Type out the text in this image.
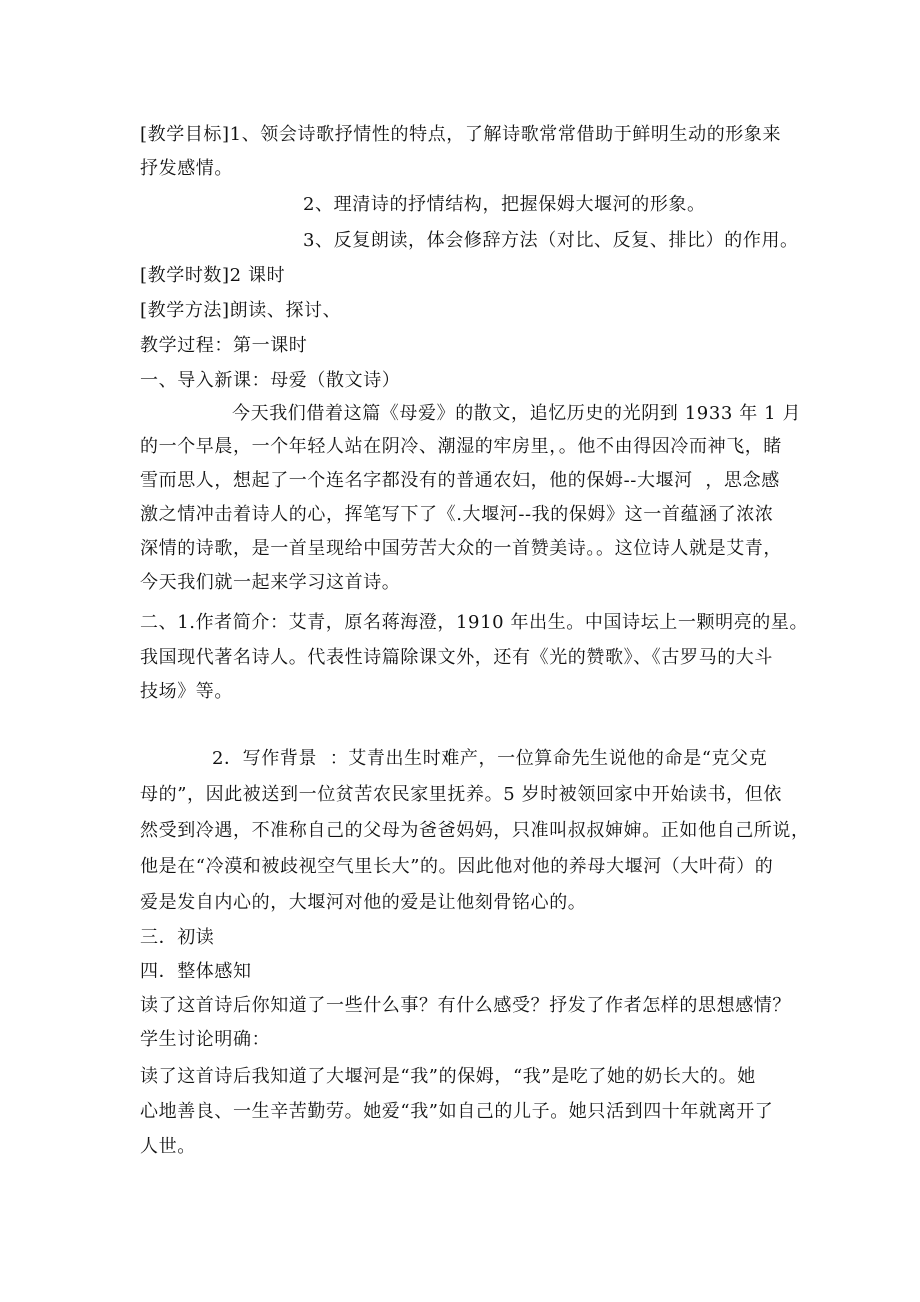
[教学目标]1、领会诗歌抒情性的特点，了解诗歌常常借助于鲜明生动的形象来
抒发感情。
2、理清诗的抒情结构，把握保姆大堰河的形象。
3、反复朗读，体会修辞方法（对比、反复、排比）的作用。
[教学时数]2 课时
[教学方法]朗读、探讨、
教学过程：第一课时
一、导入新课：母爱（散文诗）
今天我们借着这篇《母爱》的散文，追忆历史的光阴到 1933 年 1 月
的一个早晨，一个年轻人站在阴冷、潮湿的牢房里，。他不由得因冷而神飞，睹
雪而思人，想起了一个连名字都没有的普通农妇，他的保姆--大堰河  ，思念感
激之情冲击着诗人的心，挥笔写下了《.大堰河--我的保姆》这一首蕴涵了浓浓
深情的诗歌，是一首呈现给中国劳苦大众的一首赞美诗。。这位诗人就是艾青，
今天我们就一起来学习这首诗。
二、1.作者简介：艾青，原名蒋海澄，1910 年出生。中国诗坛上一颗明亮的星。
我国现代著名诗人。代表性诗篇除课文外，还有《光的赞歌》、《古罗马的大斗
技场》等。
2．写作背景  ：艾青出生时难产，一位算命先生说他的命是“克父克
母的”，因此被送到一位贫苦农民家里抚养。5 岁时被领回家中开始读书，但依
然受到冷遇，不准称自己的父母为爸爸妈妈，只准叫叔叔婶婶。正如他自己所说，
他是在“冷漠和被歧视空气里长大”的。因此他对他的养母大堰河（大叶荷）的
爱是发自内心的，大堰河对他的爱是让他刻骨铭心的。
三．初读
四．整体感知
读了这首诗后你知道了一些什么事？有什么感受？抒发了作者怎样的思想感情？
学生讨论明确：
读了这首诗后我知道了大堰河是“我”的保姆，“我”是吃了她的奶长大的。她
心地善良、一生辛苦勤劳。她爱“我”如自己的儿子。她只活到四十年就离开了
人世。
